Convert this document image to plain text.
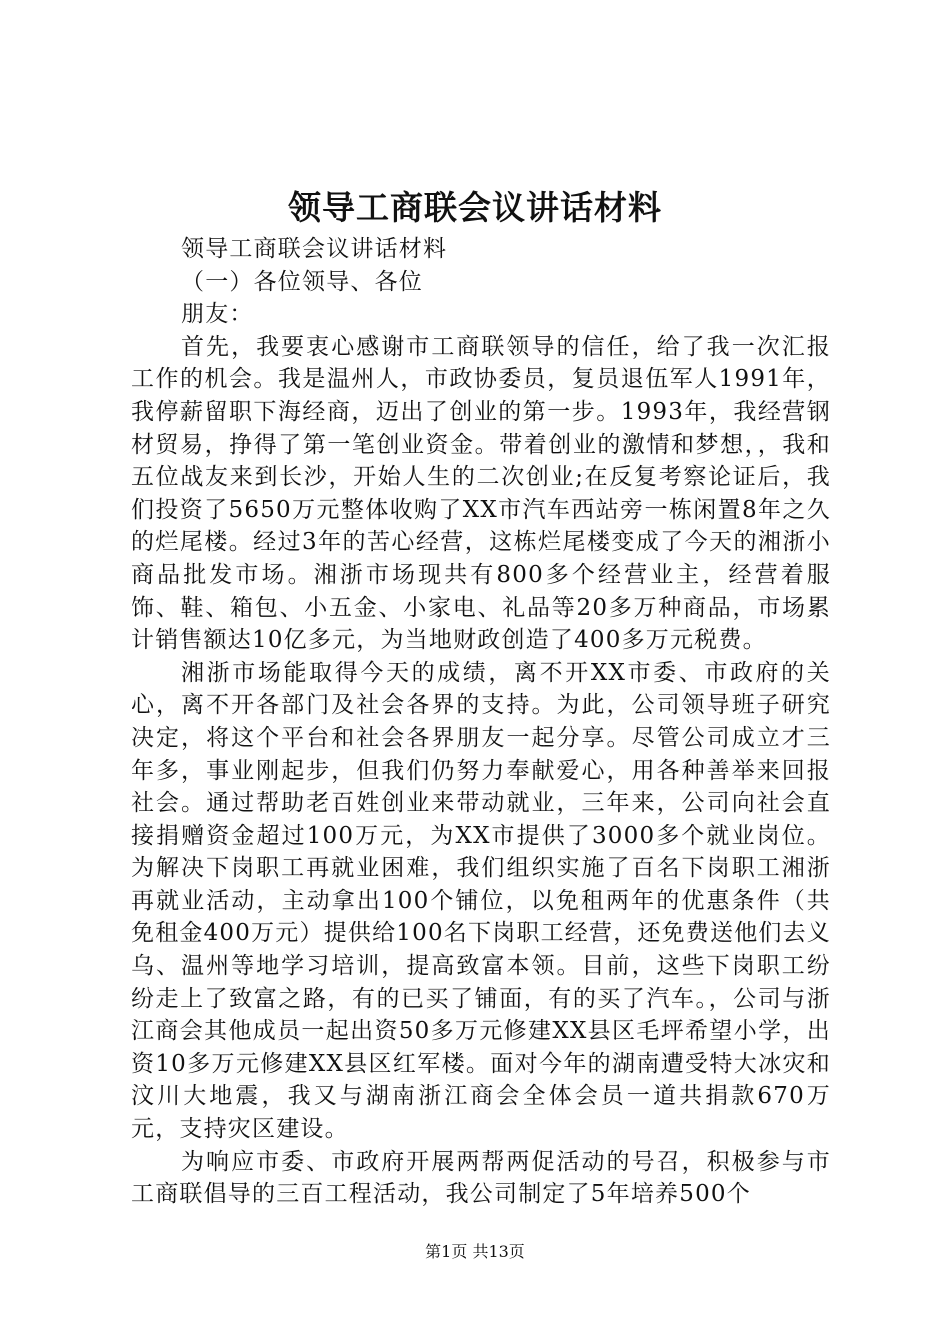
领导工商联会议讲话材料

领导工商联会议讲话材料

（一）各位领导、各位

朋友：

首先，我要衷心感谢市工商联领导的信任，给了我一次汇报工作的机会。我是温州人，市政协委员，复员退伍军人1991年，我停薪留职下海经商，迈出了创业的第一步。1993年，我经营钢材贸易，挣得了第一笔创业资金。带着创业的激情和梦想，，我和五位战友来到长沙，开始人生的二次创业;在反复考察论证后，我们投资了5650万元整体收购了XX市汽车西站旁一栋闲置8年之久的烂尾楼。经过3年的苦心经营，这栋烂尾楼变成了今天的湘浙小商品批发市场。湘浙市场现共有800多个经营业主，经营着服饰、鞋、箱包、小五金、小家电、礼品等20多万种商品，市场累计销售额达10亿多元，为当地财政创造了400多万元税费。

湘浙市场能取得今天的成绩，离不开XX市委、市政府的关心，离不开各部门及社会各界的支持。为此，公司领导班子研究决定，将这个平台和社会各界朋友一起分享。尽管公司成立才三年多，事业刚起步，但我们仍努力奉献爱心，用各种善举来回报社会。通过帮助老百姓创业来带动就业，三年来，公司向社会直接捐赠资金超过100万元，为XX市提供了3000多个就业岗位。为解决下岗职工再就业困难，我们组织实施了百名下岗职工湘浙再就业活动，主动拿出100个铺位，以免租两年的优惠条件（共免租金400万元）提供给100名下岗职工经营，还免费送他们去义乌、温州等地学习培训，提高致富本领。目前，这些下岗职工纷纷走上了致富之路，有的已买了铺面，有的买了汽车。，公司与浙江商会其他成员一起出资50多万元修建XX县区毛坪希望小学，出资10多万元修建XX县区红军楼。面对今年的湖南遭受特大冰灾和汶川大地震，我又与湖南浙江商会全体会员一道共捐款670万元，支持灾区建设。

为响应市委、市政府开展两帮两促活动的号召，积极参与市工商联倡导的三百工程活动，我公司制定了5年培养500个

第1页 共13页
